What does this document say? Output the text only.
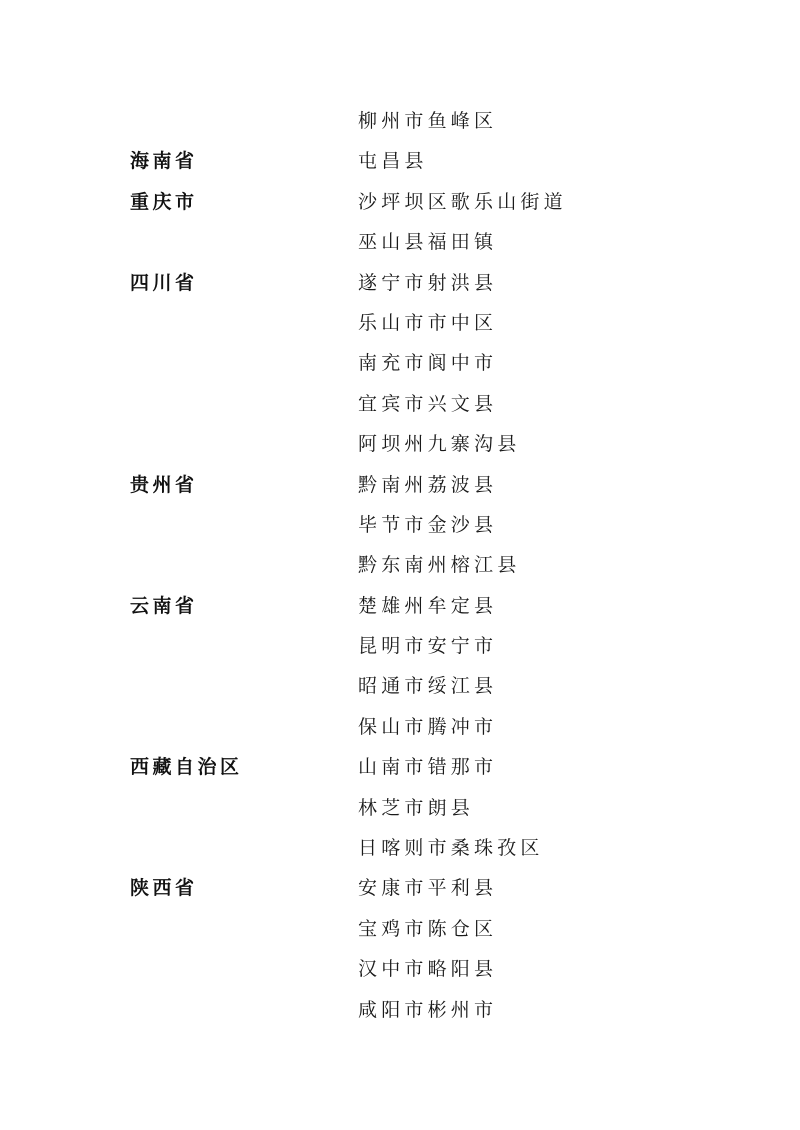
柳州市鱼峰区
海南省	屯昌县
重庆市	沙坪坝区歌乐山街道
巫山县福田镇
四川省	遂宁市射洪县
乐山市市中区
南充市阆中市
宜宾市兴文县
阿坝州九寨沟县
贵州省	黔南州荔波县
毕节市金沙县
黔东南州榕江县
云南省	楚雄州牟定县
昆明市安宁市
昭通市绥江县
保山市腾冲市
西藏自治区	山南市错那市
林芝市朗县
日喀则市桑珠孜区
陕西省	安康市平利县
宝鸡市陈仓区
汉中市略阳县
咸阳市彬州市
